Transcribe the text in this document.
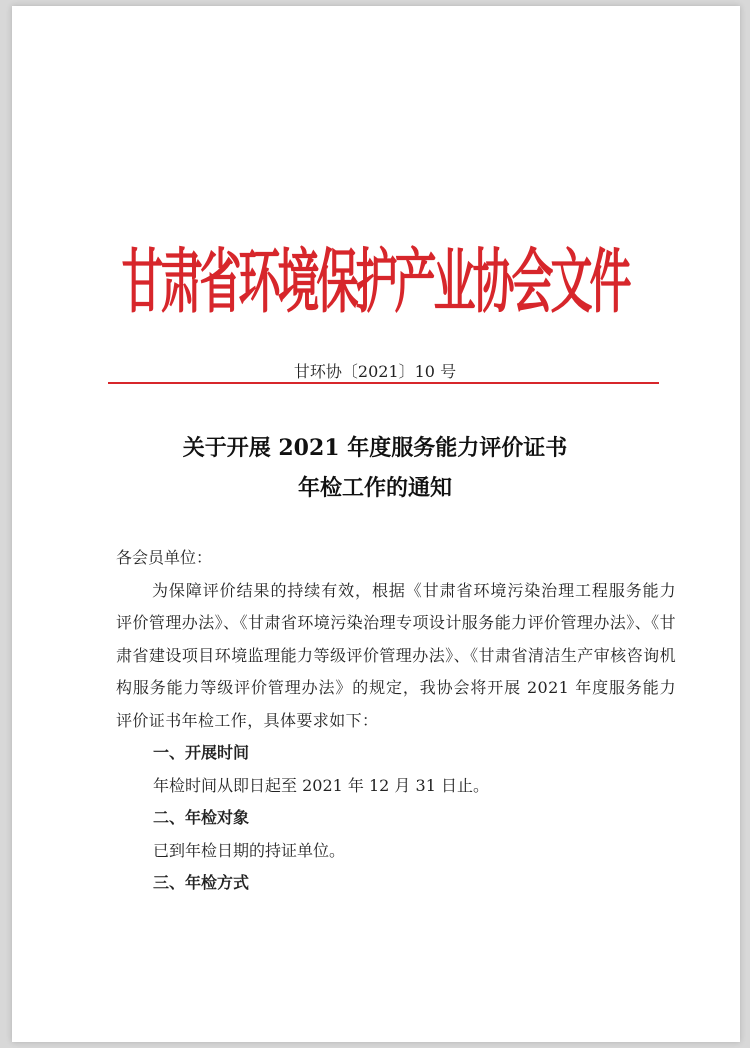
甘肃省环境保护产业协会文件
甘环协〔2021〕10 号
关于开展 2021 年度服务能力评价证书
年检工作的通知

各会员单位：

为保障评价结果的持续有效，根据《甘肃省环境污染治理工程服务能力评价管理办法》、《甘肃省环境污染治理专项设计服务能力评价管理办法》、《甘肃省建设项目环境监理能力等级评价管理办法》、《甘肃省清洁生产审核咨询机构服务能力等级评价管理办法》的规定，我协会将开展 2021 年度服务能力评价证书年检工作，具体要求如下：

一、开展时间

年检时间从即日起至 2021 年 12 月 31 日止。

二、年检对象

已到年检日期的持证单位。

三、年检方式
